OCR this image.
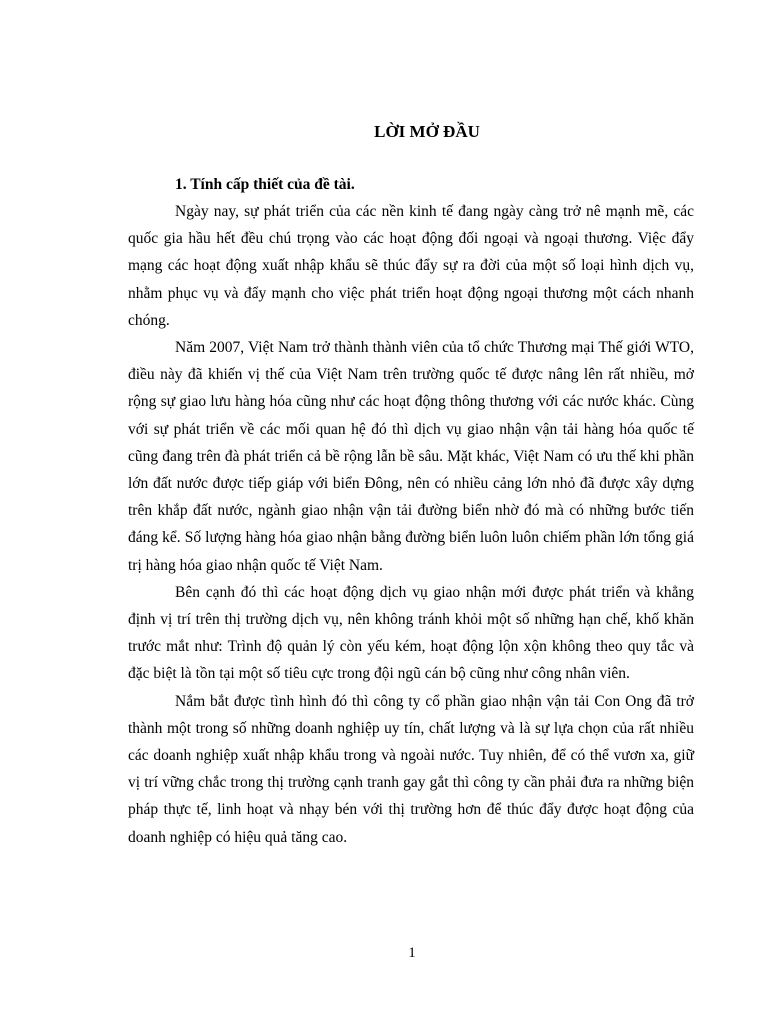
LỜI MỞ ĐẦU

1. Tính cấp thiết của đề tài.

Ngày nay, sự phát triển của các nền kinh tế đang ngày càng trở nê mạnh mẽ, các quốc gia hầu hết đều chú trọng vào các hoạt động đối ngoại và ngoại thương. Việc đẩy mạng các hoạt động xuất nhập khẩu sẽ thúc đẩy sự ra đời của một số loại hình dịch vụ, nhằm phục vụ và đẩy mạnh cho việc phát triển hoạt động ngoại thương một cách nhanh chóng.

Năm 2007, Việt Nam trở thành thành viên của tổ chức Thương mại Thế giới WTO, điều này đã khiến vị thế của Việt Nam trên trường quốc tế được nâng lên rất nhiều, mở rộng sự giao lưu hàng hóa cũng như các hoạt động thông thương với các nước khác. Cùng với sự phát triển về các mối quan hệ đó thì dịch vụ giao nhận vận tải hàng hóa quốc tế cũng đang trên đà phát triển cả bề rộng lẫn bề sâu. Mặt khác, Việt Nam có ưu thế khi phần lớn đất nước được tiếp giáp với biển Đông, nên có nhiều cảng lớn nhỏ đã được xây dựng trên khắp đất nước, ngành giao nhận vận tải đường biển nhờ đó mà có những bước tiến đáng kể. Số lượng hàng hóa giao nhận bằng đường biển luôn luôn chiếm phần lớn tổng giá trị hàng hóa giao nhận quốc tế Việt Nam.

Bên cạnh đó thì các hoạt động dịch vụ giao nhận mới được phát triển và khẳng định vị trí trên thị trường dịch vụ, nên không tránh khỏi một số những hạn chế, khố khăn trước mắt như: Trình độ quản lý còn yếu kém, hoạt động lộn xộn không theo quy tắc và đặc biệt là tồn tại một số tiêu cực trong đội ngũ cán bộ cũng như công nhân viên.

Nắm bắt được tình hình đó thì công ty cổ phần giao nhận vận tải Con Ong đã trở thành một trong số những doanh nghiệp uy tín, chất lượng và là sự lựa chọn của rất nhiều các doanh nghiệp xuất nhập khẩu trong và ngoài nước. Tuy nhiên, để có thể vươn xa, giữ vị trí vững chắc trong thị trường cạnh tranh gay gắt thì công ty cần phải đưa ra những biện pháp thực tế, linh hoạt và nhạy bén với thị trường hơn để thúc đẩy được hoạt động của doanh nghiệp có hiệu quả tăng cao.

1
